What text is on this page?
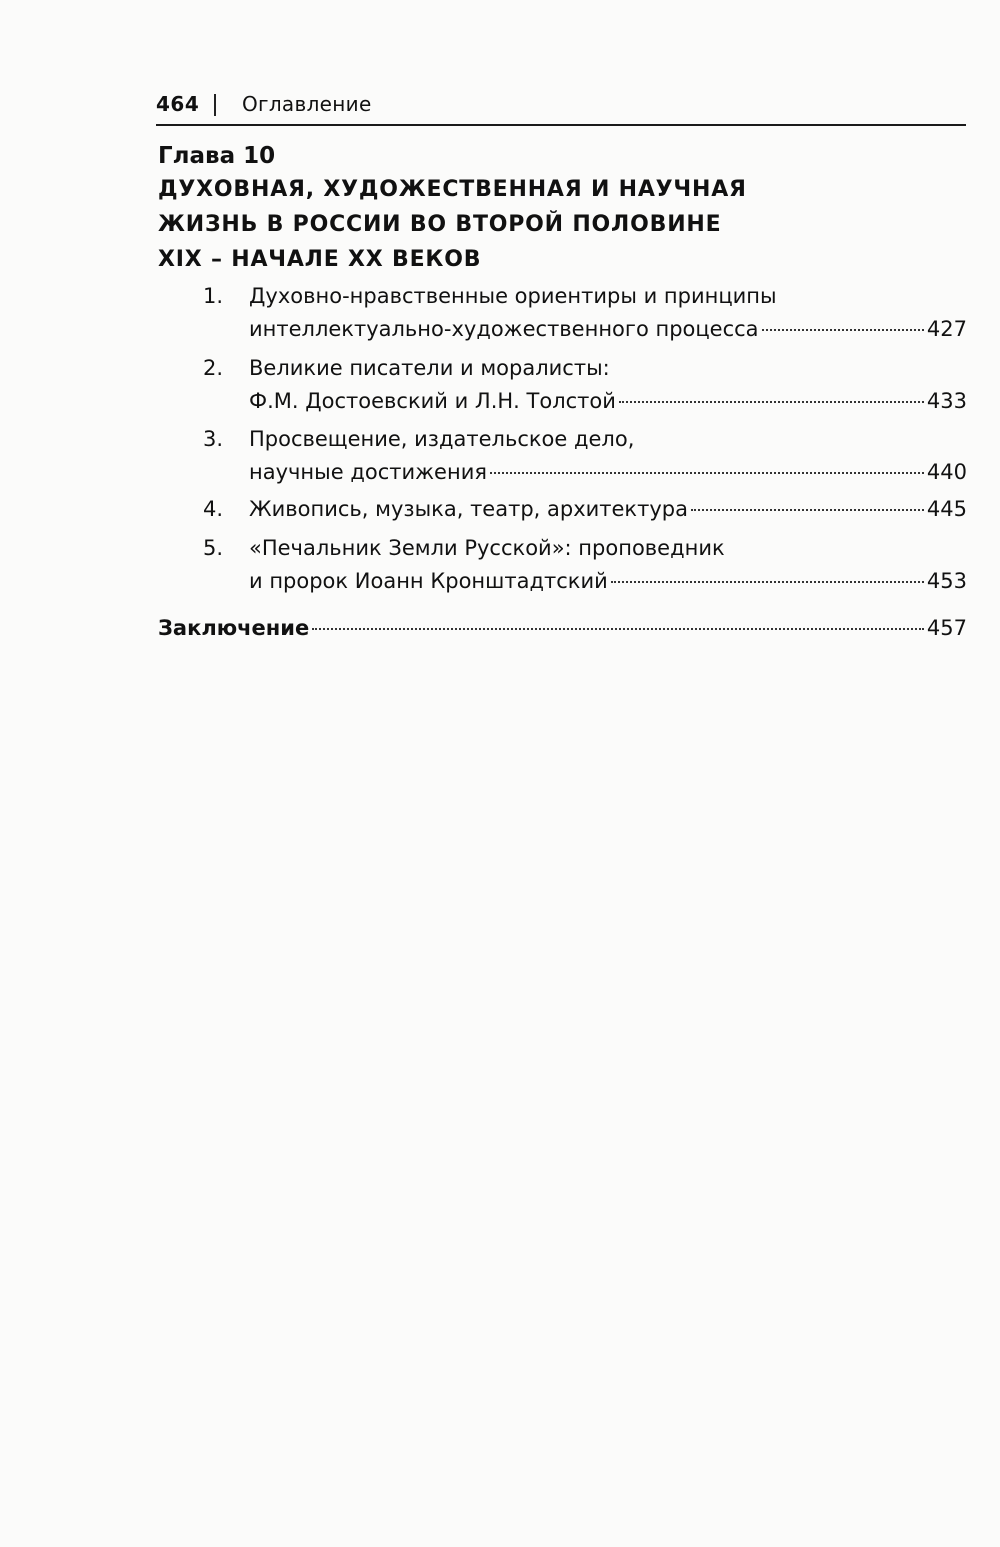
464 Оглавление
Глава 10
ДУХОВНАЯ, ХУДОЖЕСТВЕННАЯ И НАУЧНАЯ
ЖИЗНЬ В РОССИИ ВО ВТОРОЙ ПОЛОВИНЕ
XIX – НАЧАЛЕ XX ВЕКОВ
1. Духовно-нравственные ориентиры и принципы
интеллектуально-художественного процесса	427
2. Великие писатели и моралисты:
Ф.М. Достоевский и Л.Н. Толстой	433
3. Просвещение, издательское дело,
научные достижения	440
4. Живопись, музыка, театр, архитектура	445
5. «Печальник Земли Русской»: проповедник
и пророк Иоанн Кронштадтский	453
Заключение	457
